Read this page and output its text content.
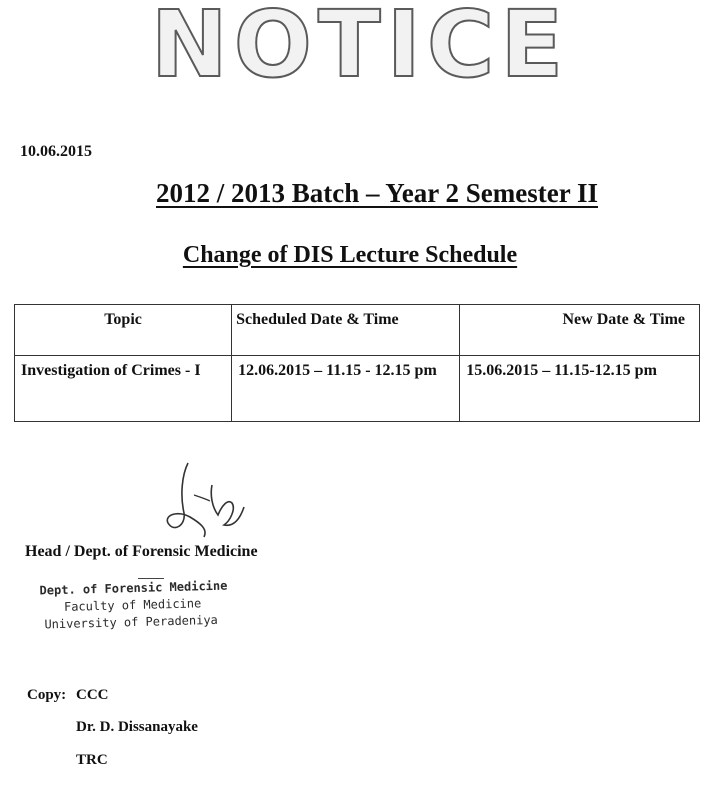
NOTICE
10.06.2015
2012 / 2013 Batch – Year 2 Semester II
Change of DIS Lecture Schedule
Topic	Scheduled Date & Time	New Date & Time
Investigation of Crimes - I	12.06.2015 – 11.15 - 12.15 pm	15.06.2015 – 11.15-12.15 pm
Head / Dept. of Forensic Medicine
Dept. of Forensic Medicine
Faculty of Medicine
University of Peradeniya
Copy: CCC
Dr. D. Dissanayake
TRC
